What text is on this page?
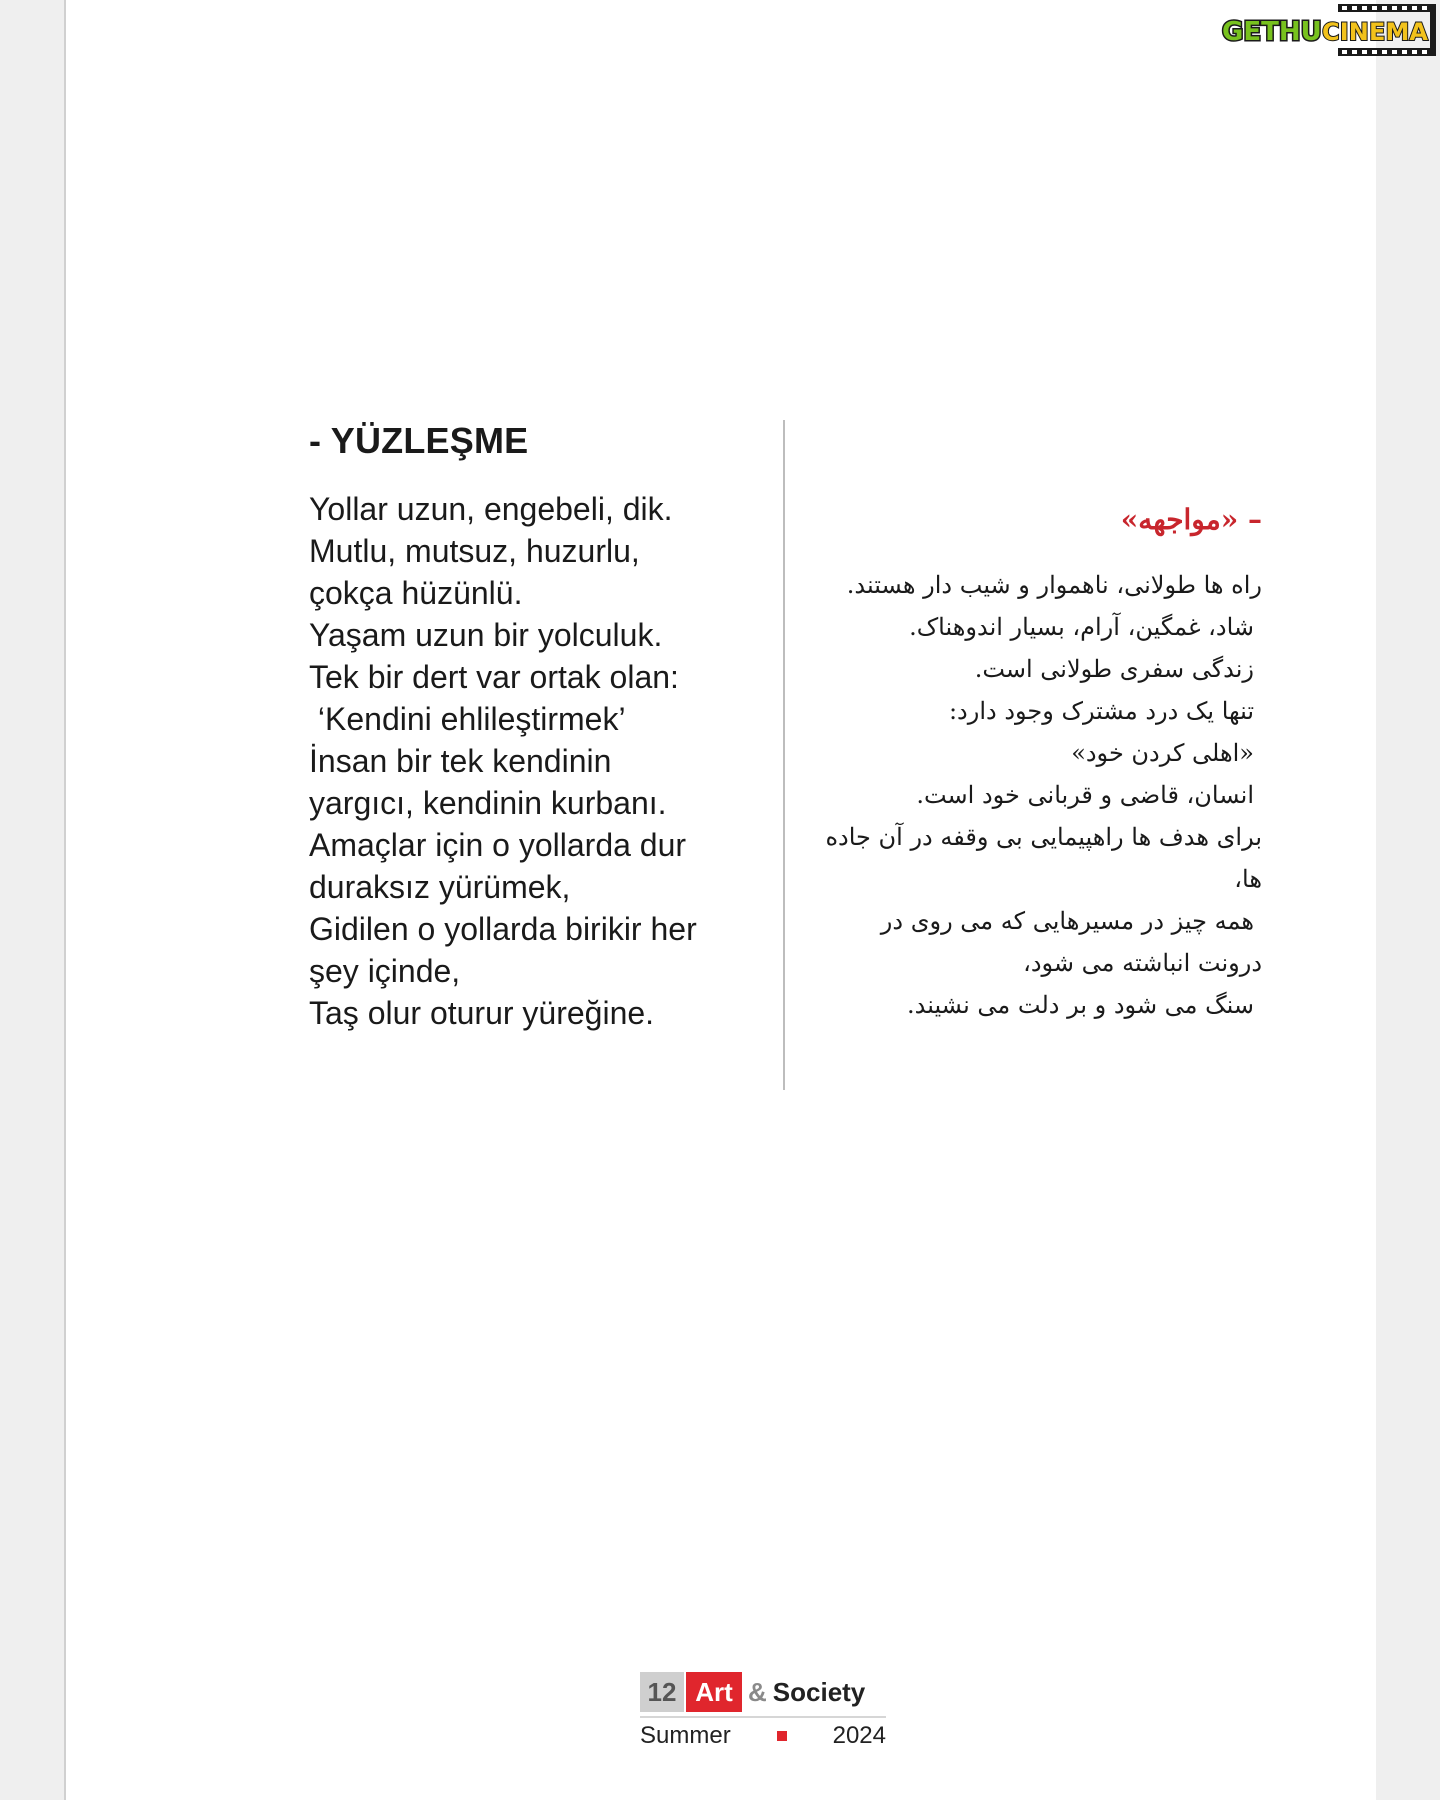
- YÜZLEŞME
Yollar uzun, engebeli, dik.
Mutlu, mutsuz, huzurlu,
çokça hüzünlü.
Yaşam uzun bir yolculuk.
Tek bir dert var ortak olan:
‘Kendini ehlileştirmek’
İnsan bir tek kendinin
yargıcı, kendinin kurbanı.
Amaçlar için o yollarda dur
duraksız yürümek,
Gidilen o yollarda birikir her
şey içinde,
Taş olur oturur yüreğine.
– «مواجهه»
راه ها طولانی، ناهموار و شیب دار هستند.
شاد، غمگین، آرام، بسیار اندوهناک.
زندگی سفری طولانی است.
تنها یک درد مشترک وجود دارد:
«اهلی کردن خود»
انسان، قاضی و قربانی خود است.
برای هدف ها راهپیمایی بی وقفه در آن جاده
ها،
همه چیز در مسیرهایی که می روی در
درونت انباشته می شود،
سنگ می شود و بر دلت می نشیند.
12 Art & Society
Summer	2024
GETHU CINEMA
